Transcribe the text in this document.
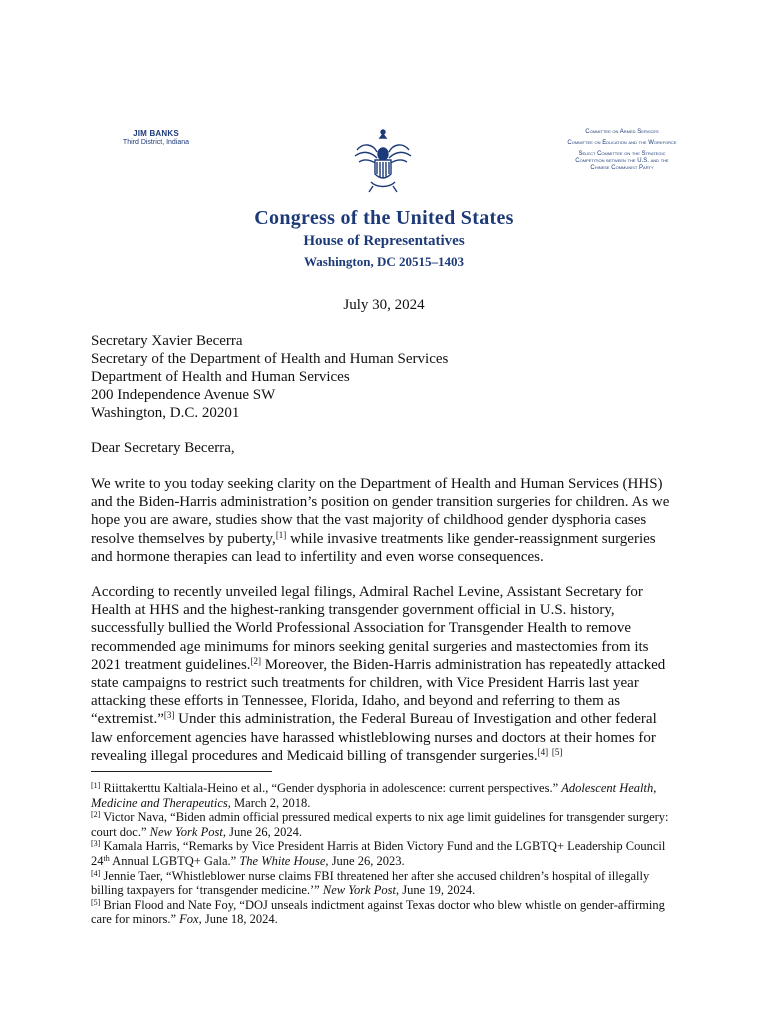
JIM BANKS
Third District, Indiana
Committee on Armed Services
Committee on Education and the Workforce
Select Committee on the Strategic Competition between the U.S. and the Chinese Communist Party
Congress of the United States
House of Representatives
Washington, DC 20515–1403
July 30, 2024
Secretary Xavier Becerra
Secretary of the Department of Health and Human Services
Department of Health and Human Services
200 Independence Avenue SW
Washington, D.C. 20201
Dear Secretary Becerra,
We write to you today seeking clarity on the Department of Health and Human Services (HHS) and the Biden-Harris administration’s position on gender transition surgeries for children. As we hope you are aware, studies show that the vast majority of childhood gender dysphoria cases resolve themselves by puberty,[1] while invasive treatments like gender-reassignment surgeries and hormone therapies can lead to infertility and even worse consequences.
According to recently unveiled legal filings, Admiral Rachel Levine, Assistant Secretary for Health at HHS and the highest-ranking transgender government official in U.S. history, successfully bullied the World Professional Association for Transgender Health to remove recommended age minimums for minors seeking genital surgeries and mastectomies from its 2021 treatment guidelines.[2] Moreover, the Biden-Harris administration has repeatedly attacked state campaigns to restrict such treatments for children, with Vice President Harris last year attacking these efforts in Tennessee, Florida, Idaho, and beyond and referring to them as “extremist.”[3] Under this administration, the Federal Bureau of Investigation and other federal law enforcement agencies have harassed whistleblowing nurses and doctors at their homes for revealing illegal procedures and Medicaid billing of transgender surgeries.[4] [5]

[1] Riittakerttu Kaltiala-Heino et al., “Gender dysphoria in adolescence: current perspectives.” Adolescent Health, Medicine and Therapeutics, March 2, 2018.

[2] Victor Nava, “Biden admin official pressured medical experts to nix age limit guidelines for transgender surgery: court doc.” New York Post, June 26, 2024.

[3] Kamala Harris, “Remarks by Vice President Harris at Biden Victory Fund and the LGBTQ+ Leadership Council 24th Annual LGBTQ+ Gala.” The White House, June 26, 2023.

[4] Jennie Taer, “Whistleblower nurse claims FBI threatened her after she accused children’s hospital of illegally billing taxpayers for ‘transgender medicine.’” New York Post, June 19, 2024.

[5] Brian Flood and Nate Foy, “DOJ unseals indictment against Texas doctor who blew whistle on gender-affirming care for minors.” Fox, June 18, 2024.
